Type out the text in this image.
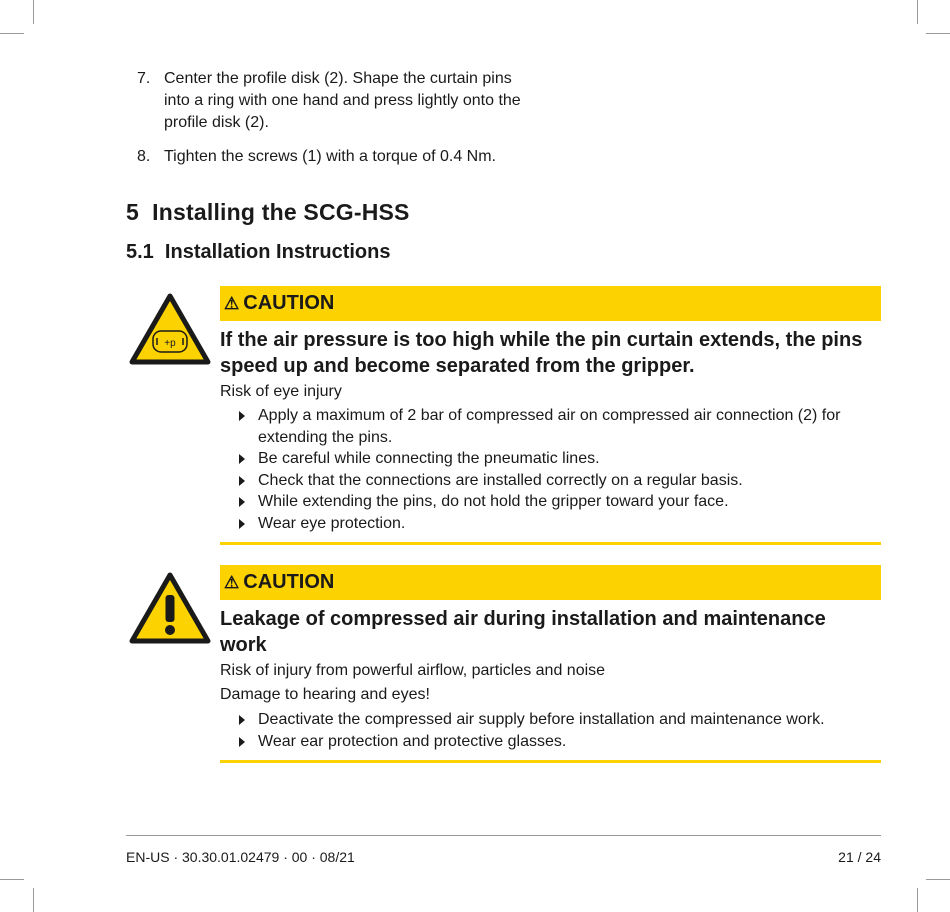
7. Center the profile disk (2). Shape the curtain pins into a ring with one hand and press lightly onto the profile disk (2).
8. Tighten the screws (1) with a torque of 0.4 Nm.
5  Installing the SCG-HSS
5.1  Installation Instructions
+p
⚠ CAUTION
If the air pressure is too high while the pin curtain extends, the pins speed up and become separated from the gripper.
Risk of eye injury
Apply a maximum of 2 bar of compressed air on compressed air connection (2) for extending the pins.
Be careful while connecting the pneumatic lines.
Check that the connections are installed correctly on a regular basis.
While extending the pins, do not hold the gripper toward your face.
Wear eye protection.
⚠ CAUTION
Leakage of compressed air during installation and maintenance work
Risk of injury from powerful airflow, particles and noise
Damage to hearing and eyes!
Deactivate the compressed air supply before installation and maintenance work.
Wear ear protection and protective glasses.
EN-US · 30.30.01.02479 · 00 · 08/21	21 / 24
